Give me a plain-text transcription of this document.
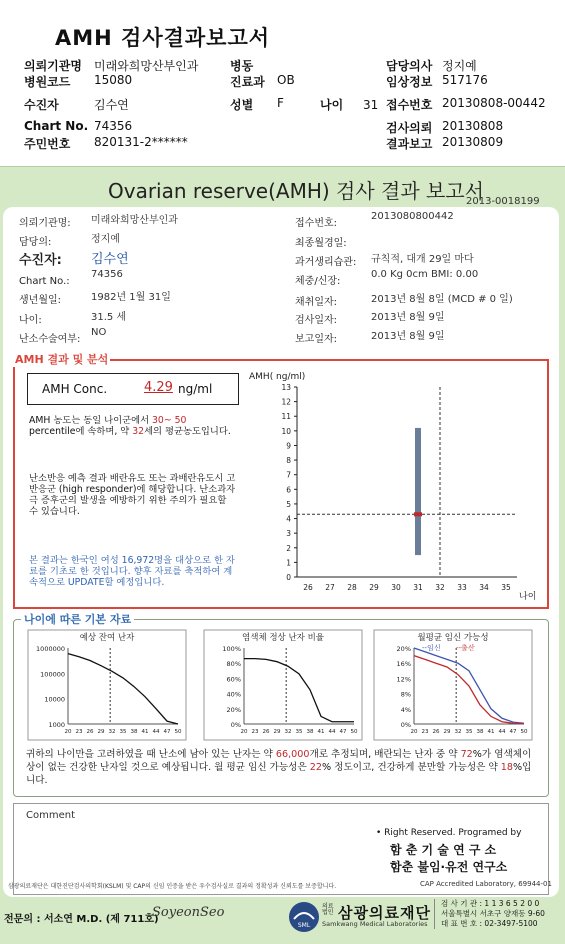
AMH 검사결과보고서
의뢰기관명 미래와희망산부인과
병원코드 15080
수진자	김수연
Chart No. 74356
주민번호 820131-2******
병동
진료과 OB
성별 F
담당의사 정지예
임상정보 517176
접수번호 20130808-00442
검사의뢰 20130808
결과보고 20130809
나이 31
Ovarian reserve(AMH) 검사 결과 보고서
2013-0018199
의뢰기관명: 미래와희망산부인과
담당의:	정지예
수진자: 김수연
Chart No.:
74356
생년월일:	1982년 1월 31일
나이:	31.5 세
난소수술여부:
NO
접수번호:
2013080800442
최종월경일:
과거생리습관: 규칙적, 대개 29일 마다
체중/신장:
0.0 Kg 0cm BMI: 0.00
채취일자:	2013년 8월 8일 (MCD # 0 일)
검사일자:	2013년 8월 9일
보고일자:	2013년 8월 9일
AMH Conc.	4.29 ng/ml
AMH 농도는 동일 나이군에서 30~ 50 percentile에 속하며, 약 32세의 평균농도입니다.
난소반응 예측 결과 배란유도 또는 과배란유도시 고반응군 (high responder)에 해당합니다. 난소과자극 증후군의 발생을 예방하기 위한 주의가 필요할 수 있습니다.
본 결과는 한국인 여성 16,972명을 대상으로 한 자료를 기초로 한 것입니다. 향후 자료를 축적하여 계속적으로 UPDATE할 예정입니다.
AMH( ng/ml)
0
1
2
3
4
5
6
7
8
9
10
11
12
13
26 27 28 29 30 31 32 33 34 35
나이
AMH 결과 및 분석
예상 잔여 난자
1000
10000
100000
1000000
20 23 26 29 32 35 38 41 44 47 50
염색체 정상 난자 비율
0%
20%
40%
60%
80%
100%
20 23 26 29 32 35 38 41 44 47 50
월평균 임신 가능성
0%
4%
8%
12%
16%
20%
20 23 26 29 32 35 38 41 44 47 50
--임신 --출산
귀하의 나이만을 고려하였을 때 난소에 남아 있는 난자는 약 66,000개로 추정되며, 배란되는 난자 중 약 72%가 염색체이상이 없는 건강한 난자일 것으로 예상됩니다. 월 평균 임신 가능성은 22% 정도이고, 건강하게 분만할 가능성은 약 18%입니다.
나이에 따른 기본 자료
Comment
• Right Reserved. Programed by
함 춘 기 술 연 구 소
함춘 불임·유전 연구소
삼광의료재단은 대한진단검사의학회(KSLM) 및 CAP의 신임 인증을 받은 우수검사실로 결과의 정확성과 신뢰도를 보증합니다.	CAP Accredited Laboratory, 69944-01
전문의 : 서소연 M.D. (제 711호)
SoyeonSeo
SML
의료법인 삼광의료재단
Samkwang Medical Laboratories
검 사 기 관 : 1 1 3 6 5 2 0 0
서울특별시 서초구 양재동 9-60
대 표 번 호 : 02-3497-5100
